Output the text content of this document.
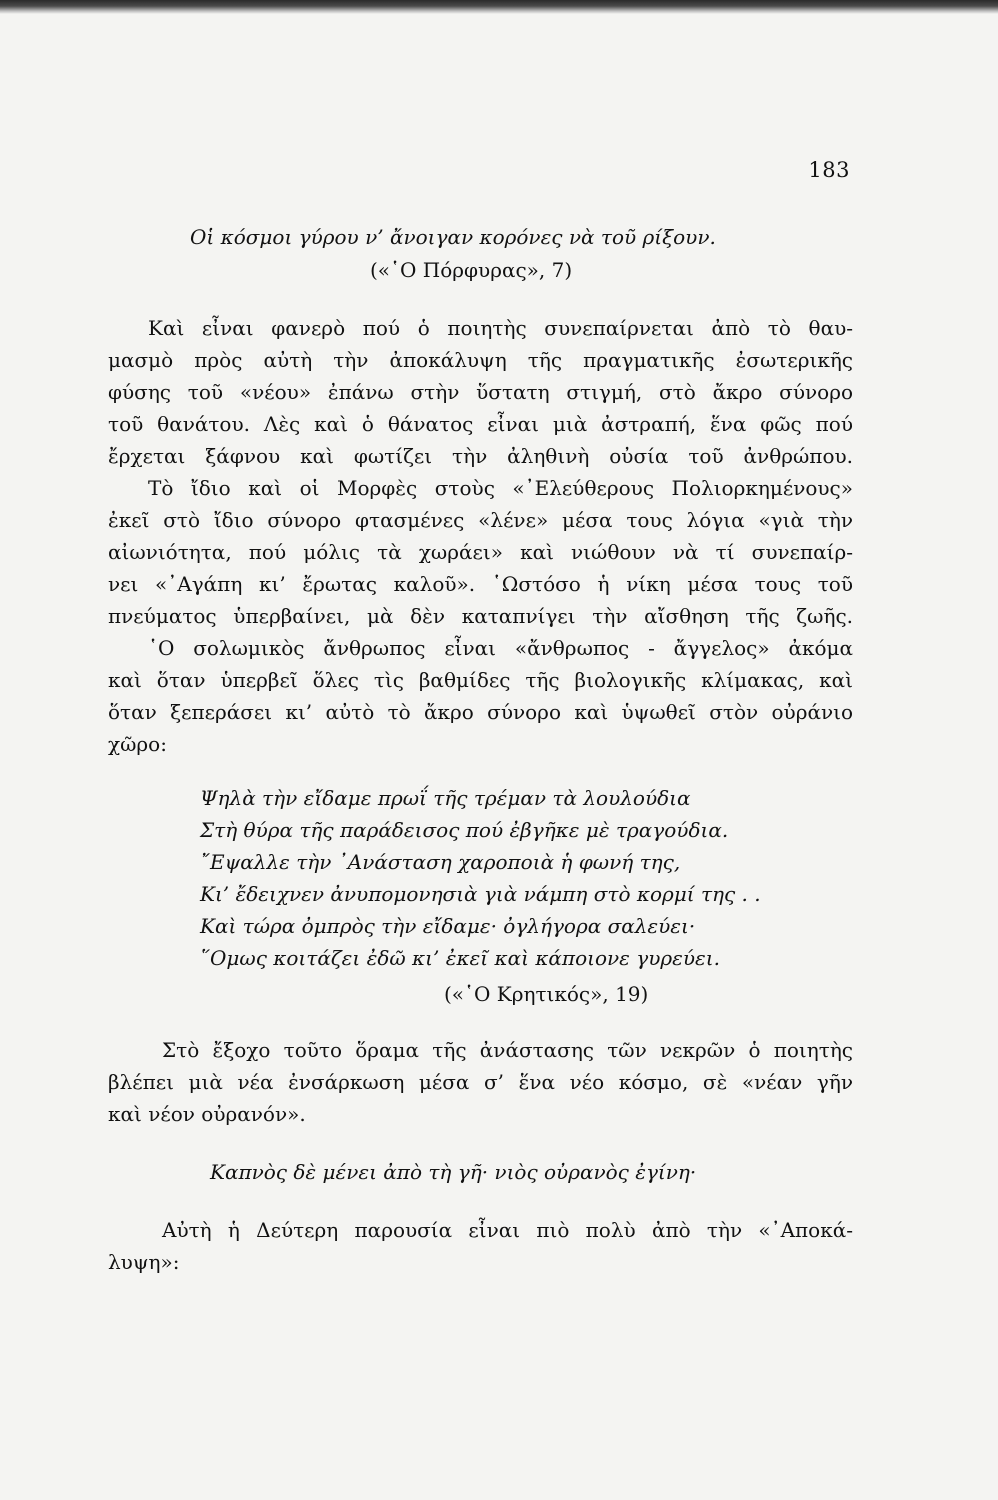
183
Οἱ κόσμοι γύρου ν’ ἄνοιγαν κορόνες νὰ τοῦ ρίξουν.
(«῾Ο Πόρφυρας», 7)
Καὶ εἶναι φανερὸ πού ὁ ποιητὴς συνεπαίρνεται ἀπὸ τὸ θαυ-
μασμὸ πρὸς αὐτὴ τὴν ἀποκάλυψη τῆς πραγματικῆς ἐσωτερικῆς
φύσης τοῦ «νέου» ἐπάνω στὴν ὕστατη στιγμή, στὸ ἄκρο σύνορο
τοῦ θανάτου. Λὲς καὶ ὁ θάνατος εἶναι μιὰ ἀστραπή, ἕνα φῶς πού
ἔρχεται ξάφνου καὶ φωτίζει τὴν ἀληθινὴ οὐσία τοῦ ἀνθρώπου.
Τὸ ἴδιο καὶ οἱ Μορφὲς στοὺς «᾿Ελεύθερους Πολιορκημένους»
ἐκεῖ στὸ ἴδιο σύνορο φτασμένες «λένε» μέσα τους λόγια «γιὰ τὴν
αἰωνιότητα, πού μόλις τὰ χωράει» καὶ νιώθουν νὰ τί συνεπαίρ-
νει «᾿Αγάπη κι’ ἔρωτας καλοῦ». ῾Ωστόσο ἡ νίκη μέσα τους τοῦ
πνεύματος ὑπερβαίνει, μὰ δὲν καταπνίγει τὴν αἴσθηση τῆς ζωῆς.
῾Ο σολωμικὸς ἄνθρωπος εἶναι «ἄνθρωπος - ἄγγελος» ἀκόμα
καὶ ὅταν ὑπερβεῖ ὅλες τὶς βαθμίδες τῆς βιολογικῆς κλίμακας, καὶ
ὅταν ξεπεράσει κι’ αὐτὸ τὸ ἄκρο σύνορο καὶ ὑψωθεῖ στὸν οὐράνιο
χῶρο:
Ψηλὰ τὴν εἴδαμε πρωΐ τῆς τρέμαν τὰ λουλούδια
Στὴ θύρα τῆς παράδεισος πού ἐβγῆκε μὲ τραγούδια.
῎Εψαλλε τὴν ᾿Ανάσταση χαροποιὰ ἡ φωνή της,
Κι’ ἔδειχνεν ἀνυπομονησιὰ γιὰ νάμπη στὸ κορμί της . .
Καὶ τώρα ὀμπρὸς τὴν εἴδαμε· ὀγλήγορα σαλεύει·
῞Ομως κοιτάζει ἐδῶ κι’ ἐκεῖ καὶ κάποιονε γυρεύει.
(«῾Ο Κρητικός», 19)
Στὸ ἔξοχο τοῦτο ὅραμα τῆς ἀνάστασης τῶν νεκρῶν ὁ ποιητὴς
βλέπει μιὰ νέα ἐνσάρκωση μέσα σ’ ἕνα νέο κόσμο, σὲ «νέαν γῆν
καὶ νέον οὐρανόν».
Καπνὸς δὲ μένει ἀπὸ τὴ γῆ· νιὸς οὐρανὸς ἐγίνη·
Αὐτὴ ἡ Δεύτερη παρουσία εἶναι πιὸ πολὺ ἀπὸ τὴν «᾿Αποκά-
λυψη»:
